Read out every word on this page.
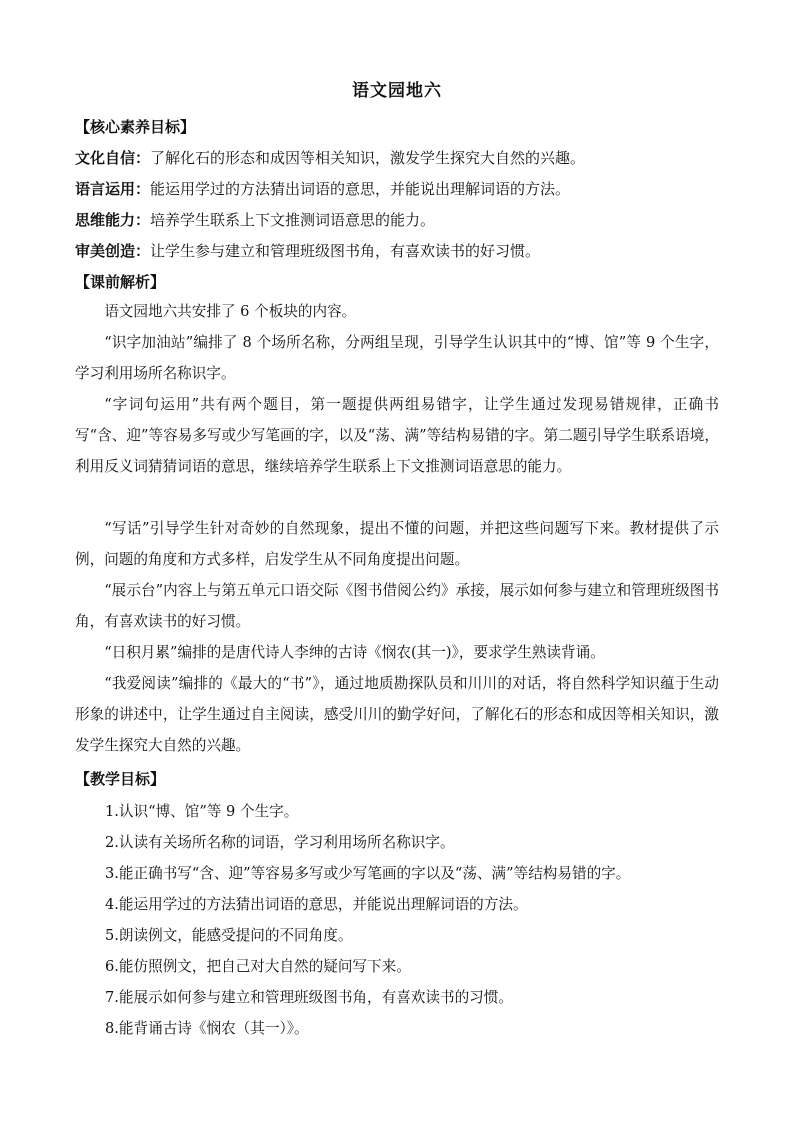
语文园地六
【核心素养目标】
文化自信：了解化石的形态和成因等相关知识，激发学生探究大自然的兴趣。
语言运用：能运用学过的方法猜出词语的意思，并能说出理解词语的方法。
思维能力：培养学生联系上下文推测词语意思的能力。
审美创造：让学生参与建立和管理班级图书角，有喜欢读书的好习惯。
【课前解析】
语文园地六共安排了 6 个板块的内容。
“识字加油站”编排了 8 个场所名称，分两组呈现，引导学生认识其中的“博、馆”等 9 个生字，学习利用场所名称识字。
“字词句运用”共有两个题目，第一题提供两组易错字，让学生通过发现易错规律，正确书写“含、迎”等容易多写或少写笔画的字，以及“荡、满”等结构易错的字。第二题引导学生联系语境，利用反义词猜猜词语的意思，继续培养学生联系上下文推测词语意思的能力。
“写话”引导学生针对奇妙的自然现象，提出不懂的问题，并把这些问题写下来。教材提供了示例，问题的角度和方式多样，启发学生从不同角度提出问题。
“展示台”内容上与第五单元口语交际《图书借阅公约》承接，展示如何参与建立和管理班级图书角，有喜欢读书的好习惯。
“日积月累”编排的是唐代诗人李绅的古诗《悯农(其一)》，要求学生熟读背诵。
“我爱阅读”编排的《最大的“书”》，通过地质勘探队员和川川的对话，将自然科学知识蕴于生动形象的讲述中，让学生通过自主阅读，感受川川的勤学好问，了解化石的形态和成因等相关知识，激发学生探究大自然的兴趣。
【教学目标】
1.认识“博、馆”等 9 个生字。
2.认读有关场所名称的词语，学习利用场所名称识字。
3.能正确书写“含、迎”等容易多写或少写笔画的字以及“荡、满”等结构易错的字。
4.能运用学过的方法猜出词语的意思，并能说出理解词语的方法。
5.朗读例文，能感受提问的不同角度。
6.能仿照例文，把自己对大自然的疑问写下来。
7.能展示如何参与建立和管理班级图书角，有喜欢读书的习惯。
8.能背诵古诗《悯农（其一）》。
